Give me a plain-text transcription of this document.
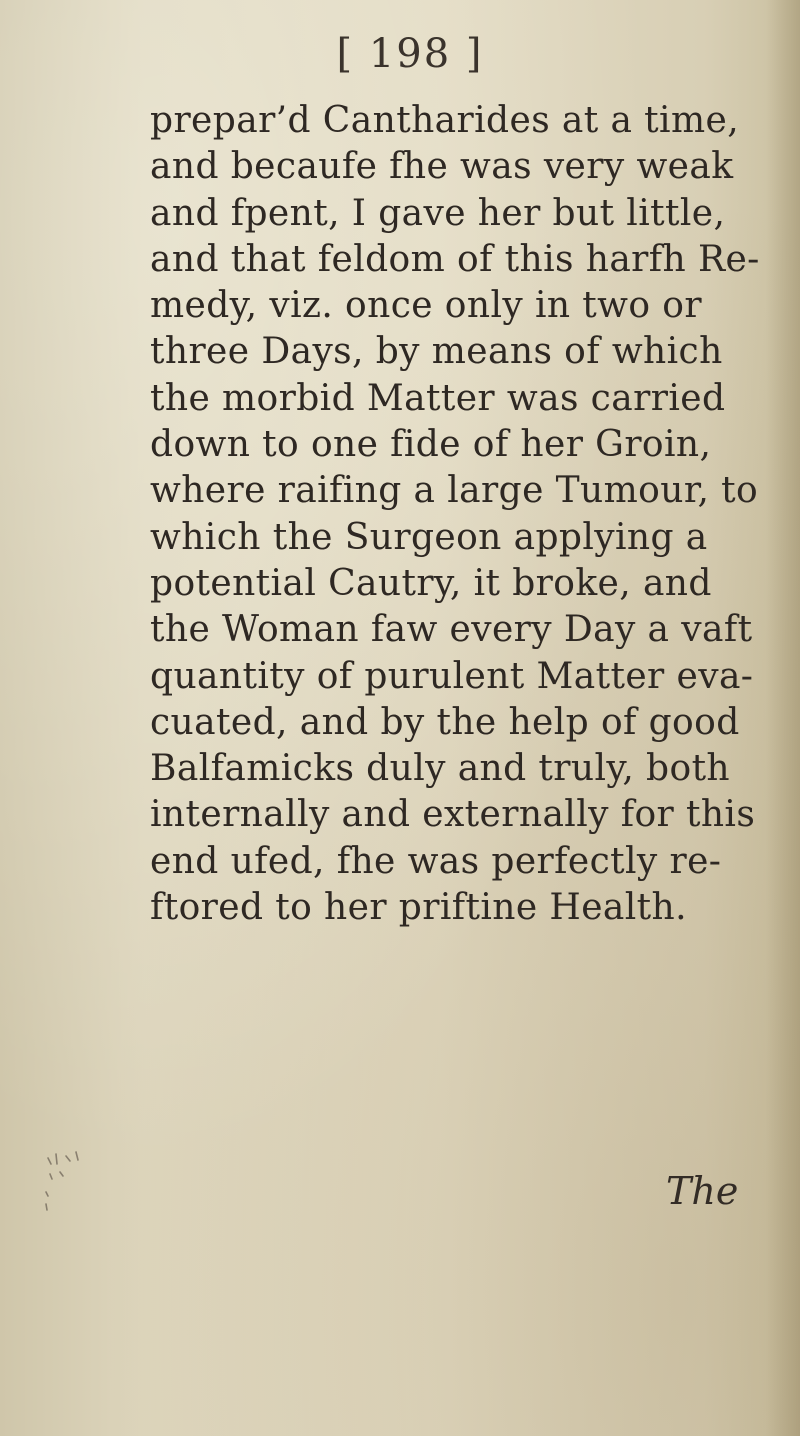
[ 198 ]
prepar’d Cantharides at a time,
and becaufe fhe was very weak
and fpent, I gave her but little,
and that feldom of this harfh Re-
medy, viz. once only in two or
three Days, by means of which
the morbid Matter was carried
down to one fide of her Groin,
where raifing a large Tumour, to
which the Surgeon applying a
potential Cautry, it broke, and
the Woman faw every Day a vaft
quantity of purulent Matter eva-
cuated, and by the help of good
Balfamicks duly and truly, both
internally and externally for this
end ufed, fhe was perfectly re-
ftored to her priftine Health.
The
